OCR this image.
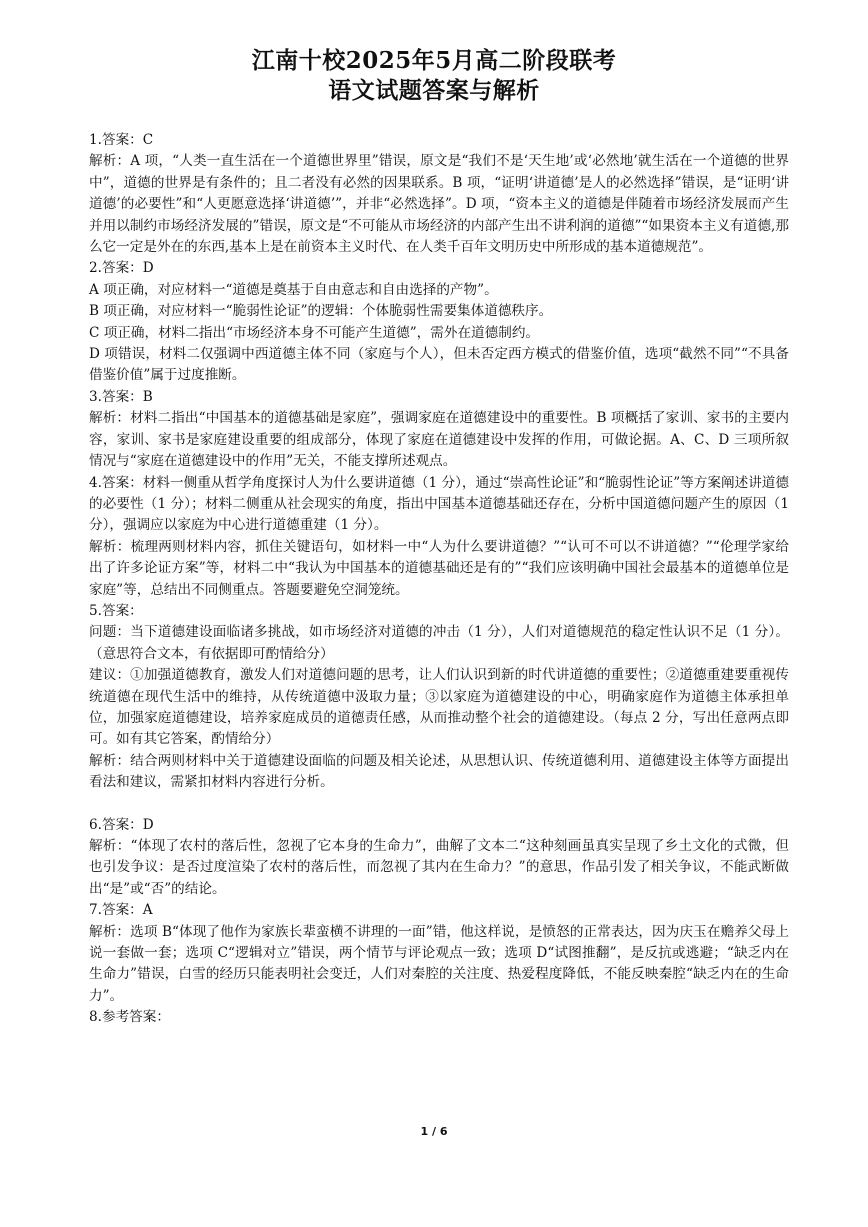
江南十校2025年5月高二阶段联考
语文试题答案与解析

1.答案：C

解析：A 项，“人类一直生活在一个道德世界里”错误，原文是“我们不是‘天生地’或‘必然地’就生活在一个道德的世界中”，道德的世界是有条件的；且二者没有必然的因果联系。B 项，“证明‘讲道德’是人的必然选择”错误，是“证明‘讲道德’的必要性”和“人更愿意选择‘讲道德’”，并非“必然选择”。D 项，“资本主义的道德是伴随着市场经济发展而产生并用以制约市场经济发展的”错误，原文是“不可能从市场经济的内部产生出不讲利润的道德”“如果资本主义有道德,那么它一定是外在的东西,基本上是在前资本主义时代、在人类千百年文明历史中所形成的基本道德规范”。

2.答案：D

A 项正确，对应材料一“道德是奠基于自由意志和自由选择的产物”。

B 项正确，对应材料一“脆弱性论证”的逻辑：个体脆弱性需要集体道德秩序。

C 项正确，材料二指出“市场经济本身不可能产生道德”，需外在道德制约。

D 项错误，材料二仅强调中西道德主体不同（家庭与个人），但未否定西方模式的借鉴价值，选项“截然不同”“不具备借鉴价值”属于过度推断。

3.答案：B

解析：材料二指出“中国基本的道德基础是家庭”，强调家庭在道德建设中的重要性。B 项概括了家训、家书的主要内容，家训、家书是家庭建设重要的组成部分，体现了家庭在道德建设中发挥的作用，可做论据。A、C、D 三项所叙情况与“家庭在道德建设中的作用”无关，不能支撑所述观点。

4.答案：材料一侧重从哲学角度探讨人为什么要讲道德（1 分），通过“崇高性论证”和“脆弱性论证”等方案阐述讲道德的必要性（1 分）；材料二侧重从社会现实的角度，指出中国基本道德基础还存在，分析中国道德问题产生的原因（1 分），强调应以家庭为中心进行道德重建（1 分）。

解析：梳理两则材料内容，抓住关键语句，如材料一中“人为什么要讲道德？”“认可不可以不讲道德？”“伦理学家给出了许多论证方案”等，材料二中“我认为中国基本的道德基础还是有的”“我们应该明确中国社会最基本的道德单位是家庭”等，总结出不同侧重点。答题要避免空洞笼统。

5.答案：

问题：当下道德建设面临诸多挑战，如市场经济对道德的冲击（1 分），人们对道德规范的稳定性认识不足（1 分）。（意思符合文本，有依据即可酌情给分）

建议：①加强道德教育，激发人们对道德问题的思考，让人们认识到新的时代讲道德的重要性；②道德重建要重视传统道德在现代生活中的维持，从传统道德中汲取力量；③以家庭为道德建设的中心，明确家庭作为道德主体承担单位，加强家庭道德建设，培养家庭成员的道德责任感，从而推动整个社会的道德建设。（每点 2 分，写出任意两点即可。如有其它答案，酌情给分）

解析：结合两则材料中关于道德建设面临的问题及相关论述，从思想认识、传统道德利用、道德建设主体等方面提出看法和建议，需紧扣材料内容进行分析。

6.答案：D

解析：“体现了农村的落后性，忽视了它本身的生命力”，曲解了文本二“这种刻画虽真实呈现了乡土文化的式微，但也引发争议：是否过度渲染了农村的落后性，而忽视了其内在生命力？”的意思，作品引发了相关争议，不能武断做出“是”或“否”的结论。

7.答案：A

解析：选项 B“体现了他作为家族长辈蛮横不讲理的一面”错，他这样说，是愤怒的正常表达，因为庆玉在赡养父母上说一套做一套；选项 C“逻辑对立”错误，两个情节与评论观点一致；选项 D“试图推翻”，是反抗或逃避；“缺乏内在生命力”错误，白雪的经历只能表明社会变迁，人们对秦腔的关注度、热爱程度降低，不能反映秦腔“缺乏内在的生命力”。

8.参考答案：

1 / 6
